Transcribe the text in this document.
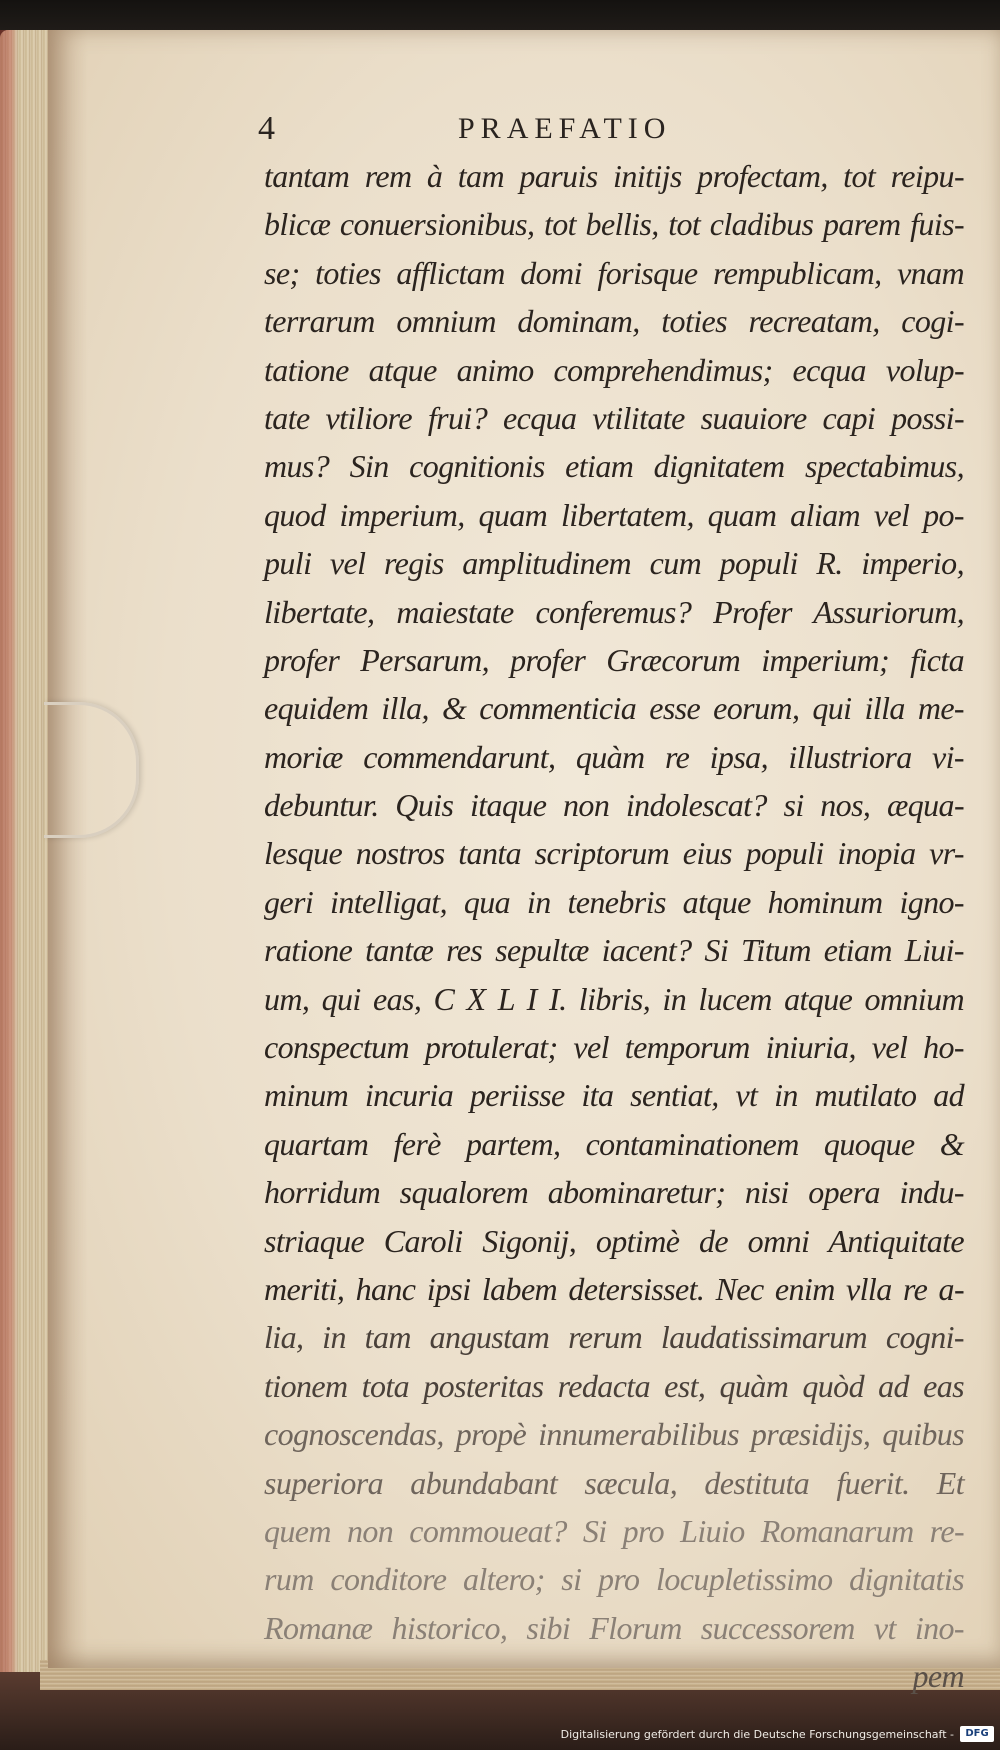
4	PRAEFATIO
tantam rem à tam paruis initijs profectam, tot reipu-
blicæ conuersionibus, tot bellis, tot cladibus parem fuis-
se; toties afflictam domi forisque rempublicam, vnam
terrarum omnium dominam, toties recreatam, cogi-
tatione atque animo comprehendimus; ecqua volup-
tate vtiliore frui? ecqua vtilitate suauiore capi possi-
mus? Sin cognitionis etiam dignitatem spectabimus,
quod imperium, quam libertatem, quam aliam vel po-
puli vel regis amplitudinem cum populi R. imperio,
libertate, maiestate conferemus? Profer Assuriorum,
profer Persarum, profer Græcorum imperium; ficta
equidem illa, & commenticia esse eorum, qui illa me-
moriæ commendarunt, quàm re ipsa, illustriora vi-
debuntur. Quis itaque non indolescat? si nos, æqua-
lesque nostros tanta scriptorum eius populi inopia vr-
geri intelligat, qua in tenebris atque hominum igno-
ratione tantæ res sepultæ iacent? Si Titum etiam Liui-
um, qui eas, C X L I I. libris, in lucem atque omnium
conspectum protulerat; vel temporum iniuria, vel ho-
minum incuria periisse ita sentiat, vt in mutilato ad
quartam ferè partem, contaminationem quoque &
horridum squalorem abominaretur; nisi opera indu-
striaque Caroli Sigonij, optimè de omni Antiquitate
meriti, hanc ipsi labem detersisset. Nec enim vlla re a-
lia, in tam angustam rerum laudatissimarum cogni-
tionem tota posteritas redacta est, quàm quòd ad eas
cognoscendas, propè innumerabilibus præsidijs, quibus
superiora abundabant sæcula, destituta fuerit. Et
quem non commoueat? Si pro Liuio Romanarum re-
rum conditore altero; si pro locupletissimo dignitatis
Romanæ historico, sibi Florum successorem vt ino-
pem
Digitalisierung gefördert durch die Deutsche Forschungsgemeinschaft -	DFG
